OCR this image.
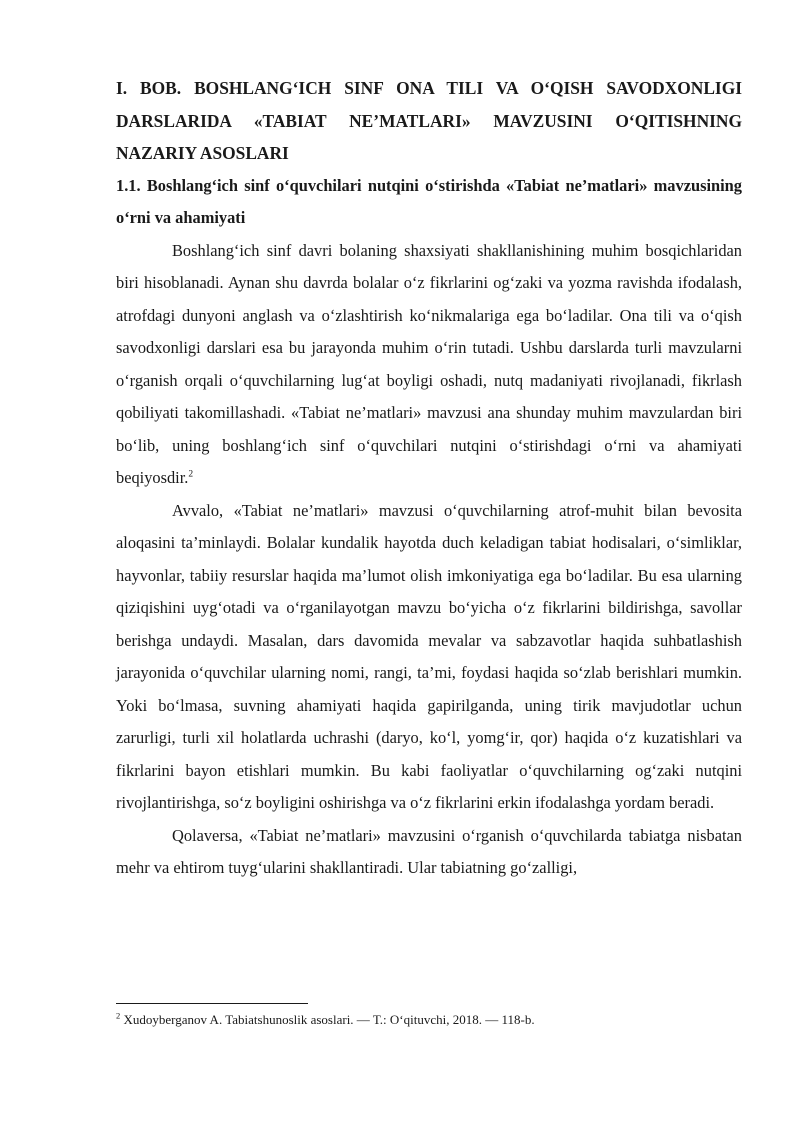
I. BOB. BOSHLANG‘ICH SINF ONA TILI VA O‘QISH SAVODXONLIGI DARSLARIDA «TABIAT NE’MATLARI» MAVZUSINI O‘QITISHNING NAZARIY ASOSLARI
1.1. Boshlang‘ich sinf o‘quvchilari nutqini o‘stirishda «Tabiat ne’matlari» mavzusining o‘rni va ahamiyati

Boshlang‘ich sinf davri bolaning shaxsiyati shakllanishining muhim bosqichlaridan biri hisoblanadi. Aynan shu davrda bolalar o‘z fikrlarini og‘zaki va yozma ravishda ifodalash, atrofdagi dunyoni anglash va o‘zlashtirish ko‘nikmalariga ega bo‘ladilar. Ona tili va o‘qish savodxonligi darslari esa bu jarayonda muhim o‘rin tutadi. Ushbu darslarda turli mavzularni o‘rganish orqali o‘quvchilarning lug‘at boyligi oshadi, nutq madaniyati rivojlanadi, fikrlash qobiliyati takomillashadi. «Tabiat ne’matlari» mavzusi ana shunday muhim mavzulardan biri bo‘lib, uning boshlang‘ich sinf o‘quvchilari nutqini o‘stirishdagi o‘rni va ahamiyati beqiyosdir.$^2$

Avvalo, «Tabiat ne’matlari» mavzusi o‘quvchilarning atrof-muhit bilan bevosita aloqasini ta’minlaydi. Bolalar kundalik hayotda duch keladigan tabiat hodisalari, o‘simliklar, hayvonlar, tabiiy resurslar haqida ma’lumot olish imkoniyatiga ega bo‘ladilar. Bu esa ularning qiziqishini uyg‘otadi va o‘rganilayotgan mavzu bo‘yicha o‘z fikrlarini bildirishga, savollar berishga undaydi. Masalan, dars davomida mevalar va sabzavotlar haqida suhbatlashish jarayonida o‘quvchilar ularning nomi, rangi, ta’mi, foydasi haqida so‘zlab berishlari mumkin. Yoki bo‘lmasa, suvning ahamiyati haqida gapirilganda, uning tirik mavjudotlar uchun zarurligi, turli xil holatlarda uchrashi (daryo, ko‘l, yomg‘ir, qor) haqida o‘z kuzatishlari va fikrlarini bayon etishlari mumkin. Bu kabi faoliyatlar o‘quvchilarning og‘zaki nutqini rivojlantirishga, so‘z boyligini oshirishga va o‘z fikrlarini erkin ifodalashga yordam beradi.

Qolaversa, «Tabiat ne’matlari» mavzusini o‘rganish o‘quvchilarda tabiatga nisbatan mehr va ehtirom tuyg‘ularini shakllantiradi. Ular tabiatning go‘zalligi,

$^2$ Xudoyberganov A. Tabiatshunoslik asoslari. — T.: O‘qituvchi, 2018. — 118-b.
